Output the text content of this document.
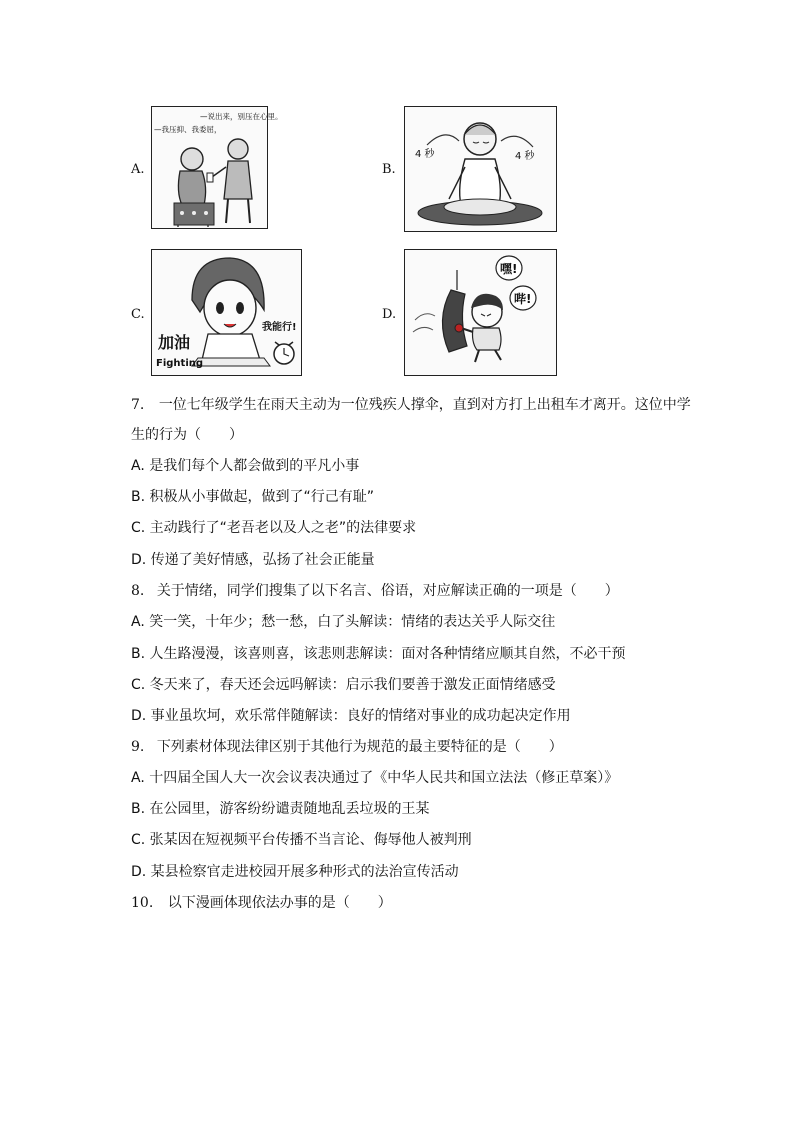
A.
—说出来，别压在心里。
—我压抑、我委屈，
B.
4 秒	4 秒
C.
加油
Fighting
我能行!
D.
嘿!
哔!
7. 一位七年级学生在雨天主动为一位残疾人撑伞，直到对方打上出租车才离开。这位中学
生的行为（　　）
A. 是我们每个人都会做到的平凡小事
B. 积极从小事做起，做到了“行己有耻”
C. 主动践行了“老吾老以及人之老”的法律要求
D. 传递了美好情感，弘扬了社会正能量
8. 关于情绪，同学们搜集了以下名言、俗语，对应解读正确的一项是（　　）
A. 笑一笑，十年少；愁一愁，白了头解读：情绪的表达关乎人际交往
B. 人生路漫漫，该喜则喜，该悲则悲解读：面对各种情绪应顺其自然，不必干预
C. 冬天来了，春天还会远吗解读：启示我们要善于激发正面情绪感受
D. 事业虽坎坷，欢乐常伴随解读：良好的情绪对事业的成功起决定作用
9. 下列素材体现法律区别于其他行为规范的最主要特征的是（　　）
A. 十四届全国人大一次会议表决通过了《中华人民共和国立法法（修正草案）》
B. 在公园里，游客纷纷谴责随地乱丢垃圾的王某
C. 张某因在短视频平台传播不当言论、侮辱他人被判刑
D. 某县检察官走进校园开展多种形式的法治宣传活动
10. 以下漫画体现依法办事的是（　　）
